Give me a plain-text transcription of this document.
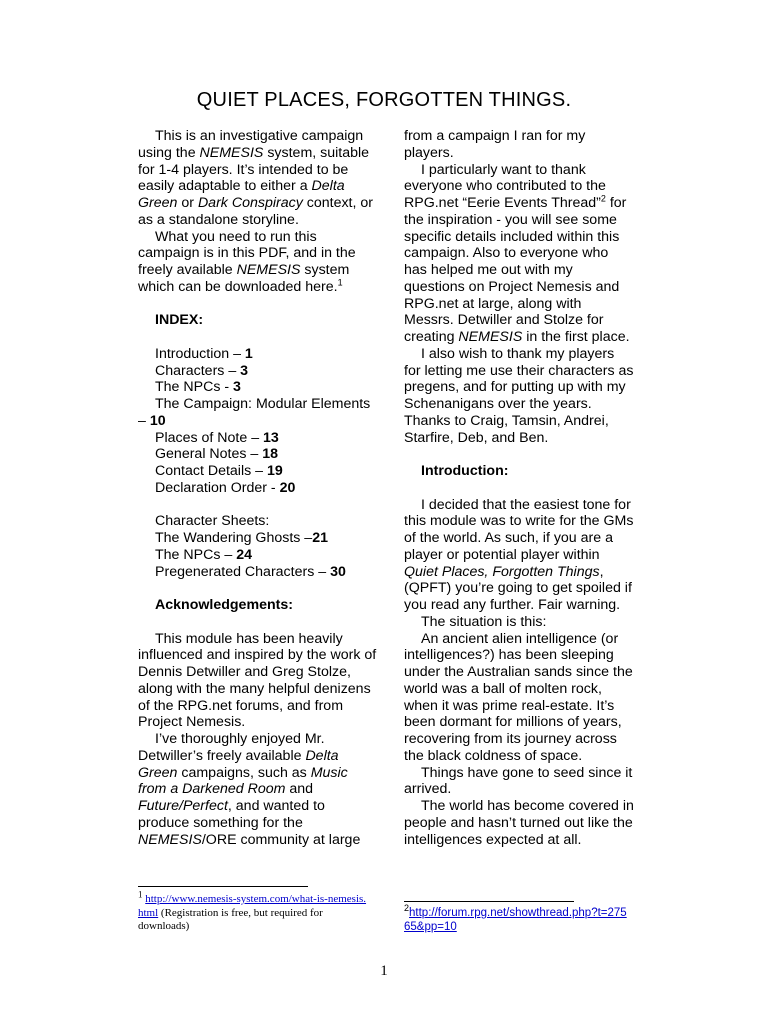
QUIET PLACES, FORGOTTEN THINGS.

This is an investigative campaign using the NEMESIS system, suitable for 1-4 players. It’s intended to be easily adaptable to either a Delta Green or Dark Conspiracy context, or as a standalone storyline.

What you need to run this campaign is in this PDF, and in the freely available NEMESIS system which can be downloaded here.$^1$

INDEX:

Introduction – 1

Characters – 3

The NPCs - 3

The Campaign: Modular Elements – 10

Places of Note – 13

General Notes – 18

Contact Details – 19

Declaration Order - 20

Character Sheets:

The Wandering Ghosts –21

The NPCs – 24

Pregenerated Characters – 30

Acknowledgements:

This module has been heavily influenced and inspired by the work of Dennis Detwiller and Greg Stolze, along with the many helpful denizens of the RPG.net forums, and from Project Nemesis.

I’ve thoroughly enjoyed Mr. Detwiller’s freely available Delta Green campaigns, such as Music from a Darkened Room and Future/Perfect, and wanted to produce something for the NEMESIS/ORE community at large

from a campaign I ran for my players.

I particularly want to thank everyone who contributed to the RPG.net “Eerie Events Thread”$^2$ for the inspiration - you will see some specific details included within this campaign. Also to everyone who has helped me out with my questions on Project Nemesis and RPG.net at large, along with Messrs. Detwiller and Stolze for creating NEMESIS in the first place.

I also wish to thank my players for letting me use their characters as pregens, and for putting up with my Schenanigans over the years. Thanks to Craig, Tamsin, Andrei, Starfire, Deb, and Ben.

Introduction:

I decided that the easiest tone for this module was to write for the GMs of the world. As such, if you are a player or potential player within Quiet Places, Forgotten Things, (QPFT) you’re going to get spoiled if you read any further. Fair warning.

The situation is this:

An ancient alien intelligence (or intelligences?) has been sleeping under the Australian sands since the world was a ball of molten rock, when it was prime real-estate. It’s been dormant for millions of years, recovering from its journey across the black coldness of space.

Things have gone to seed since it arrived.

The world has become covered in people and hasn’t turned out like the intelligences expected at all.

$^1$ http://www.nemesis-system.com/what-is-nemesis.html (Registration is free, but required for downloads)
$^2$http://forum.rpg.net/showthread.php?t=27565&pp=10
1
